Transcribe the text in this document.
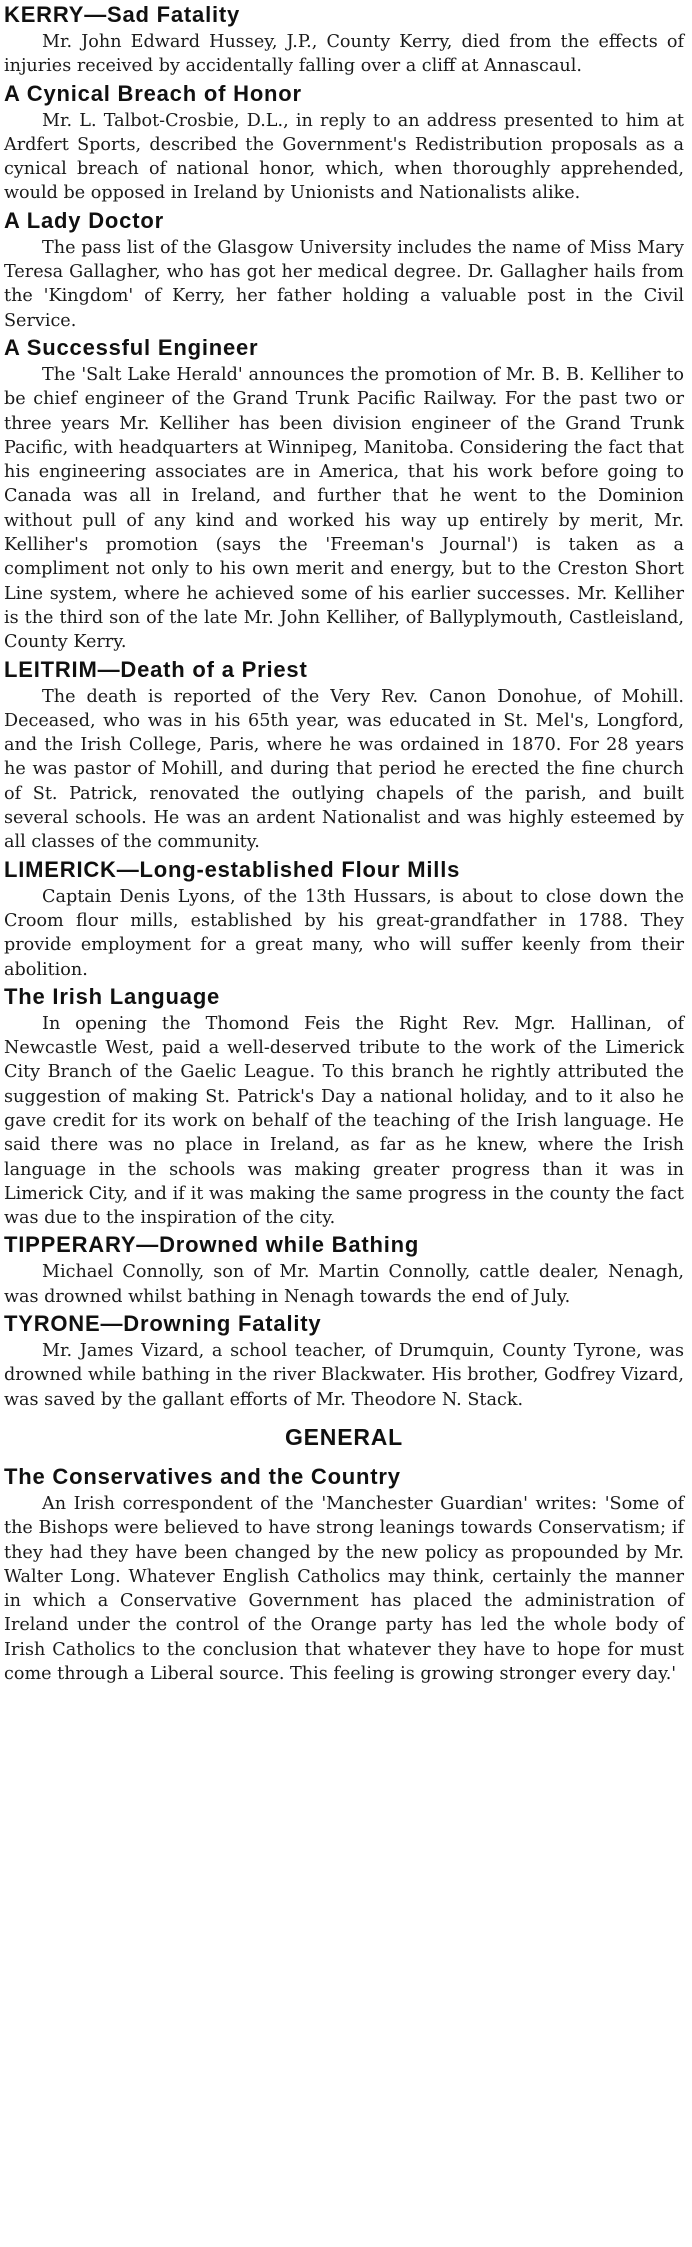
KERRY—Sad Fatality

Mr. John Edward Hussey, J.P., County Kerry, died from the effects of injuries received by accidentally falling over a cliff at Annascaul.

A Cynical Breach of Honor

Mr. L. Talbot-Crosbie, D.L., in reply to an address presented to him at Ardfert Sports, described the Government's Redistribution proposals as a cynical breach of national honor, which, when thoroughly apprehended, would be opposed in Ireland by Unionists and Nationalists alike.

A Lady Doctor

The pass list of the Glasgow University includes the name of Miss Mary Teresa Gallagher, who has got her medical degree. Dr. Gallagher hails from the 'Kingdom' of Kerry, her father holding a valuable post in the Civil Service.

A Successful Engineer

The 'Salt Lake Herald' announces the promotion of Mr. B. B. Kelliher to be chief engineer of the Grand Trunk Pacific Railway. For the past two or three years Mr. Kelliher has been division engineer of the Grand Trunk Pacific, with headquarters at Winnipeg, Manitoba. Considering the fact that his engineering associates are in America, that his work before going to Canada was all in Ireland, and further that he went to the Dominion without pull of any kind and worked his way up entirely by merit, Mr. Kelliher's promotion (says the 'Freeman's Journal') is taken as a compliment not only to his own merit and energy, but to the Creston Short Line system, where he achieved some of his earlier successes. Mr. Kelliher is the third son of the late Mr. John Kelliher, of Ballyplymouth, Castleisland, County Kerry.

LEITRIM—Death of a Priest

The death is reported of the Very Rev. Canon Donohue, of Mohill. Deceased, who was in his 65th year, was educated in St. Mel's, Longford, and the Irish College, Paris, where he was ordained in 1870. For 28 years he was pastor of Mohill, and during that period he erected the fine church of St. Patrick, renovated the outlying chapels of the parish, and built several schools. He was an ardent Nationalist and was highly esteemed by all classes of the community.

LIMERICK—Long-established Flour Mills

Captain Denis Lyons, of the 13th Hussars, is about to close down the Croom flour mills, established by his great-grandfather in 1788. They provide employment for a great many, who will suffer keenly from their abolition.

The Irish Language

In opening the Thomond Feis the Right Rev. Mgr. Hallinan, of Newcastle West, paid a well-deserved tribute to the work of the Limerick City Branch of the Gaelic League. To this branch he rightly attributed the suggestion of making St. Patrick's Day a national holiday, and to it also he gave credit for its work on behalf of the teaching of the Irish language. He said there was no place in Ireland, as far as he knew, where the Irish language in the schools was making greater progress than it was in Limerick City, and if it was making the same progress in the county the fact was due to the inspiration of the city.

TIPPERARY—Drowned while Bathing

Michael Connolly, son of Mr. Martin Connolly, cattle dealer, Nenagh, was drowned whilst bathing in Nenagh towards the end of July.

TYRONE—Drowning Fatality

Mr. James Vizard, a school teacher, of Drumquin, County Tyrone, was drowned while bathing in the river Blackwater. His brother, Godfrey Vizard, was saved by the gallant efforts of Mr. Theodore N. Stack.

GENERAL
The Conservatives and the Country

An Irish correspondent of the 'Manchester Guardian' writes: 'Some of the Bishops were believed to have strong leanings towards Conservatism; if they had they have been changed by the new policy as propounded by Mr. Walter Long. Whatever English Catholics may think, certainly the manner in which a Conservative Government has placed the administration of Ireland under the control of the Orange party has led the whole body of Irish Catholics to the conclusion that whatever they have to hope for must come through a Liberal source. This feeling is growing stronger every day.'
